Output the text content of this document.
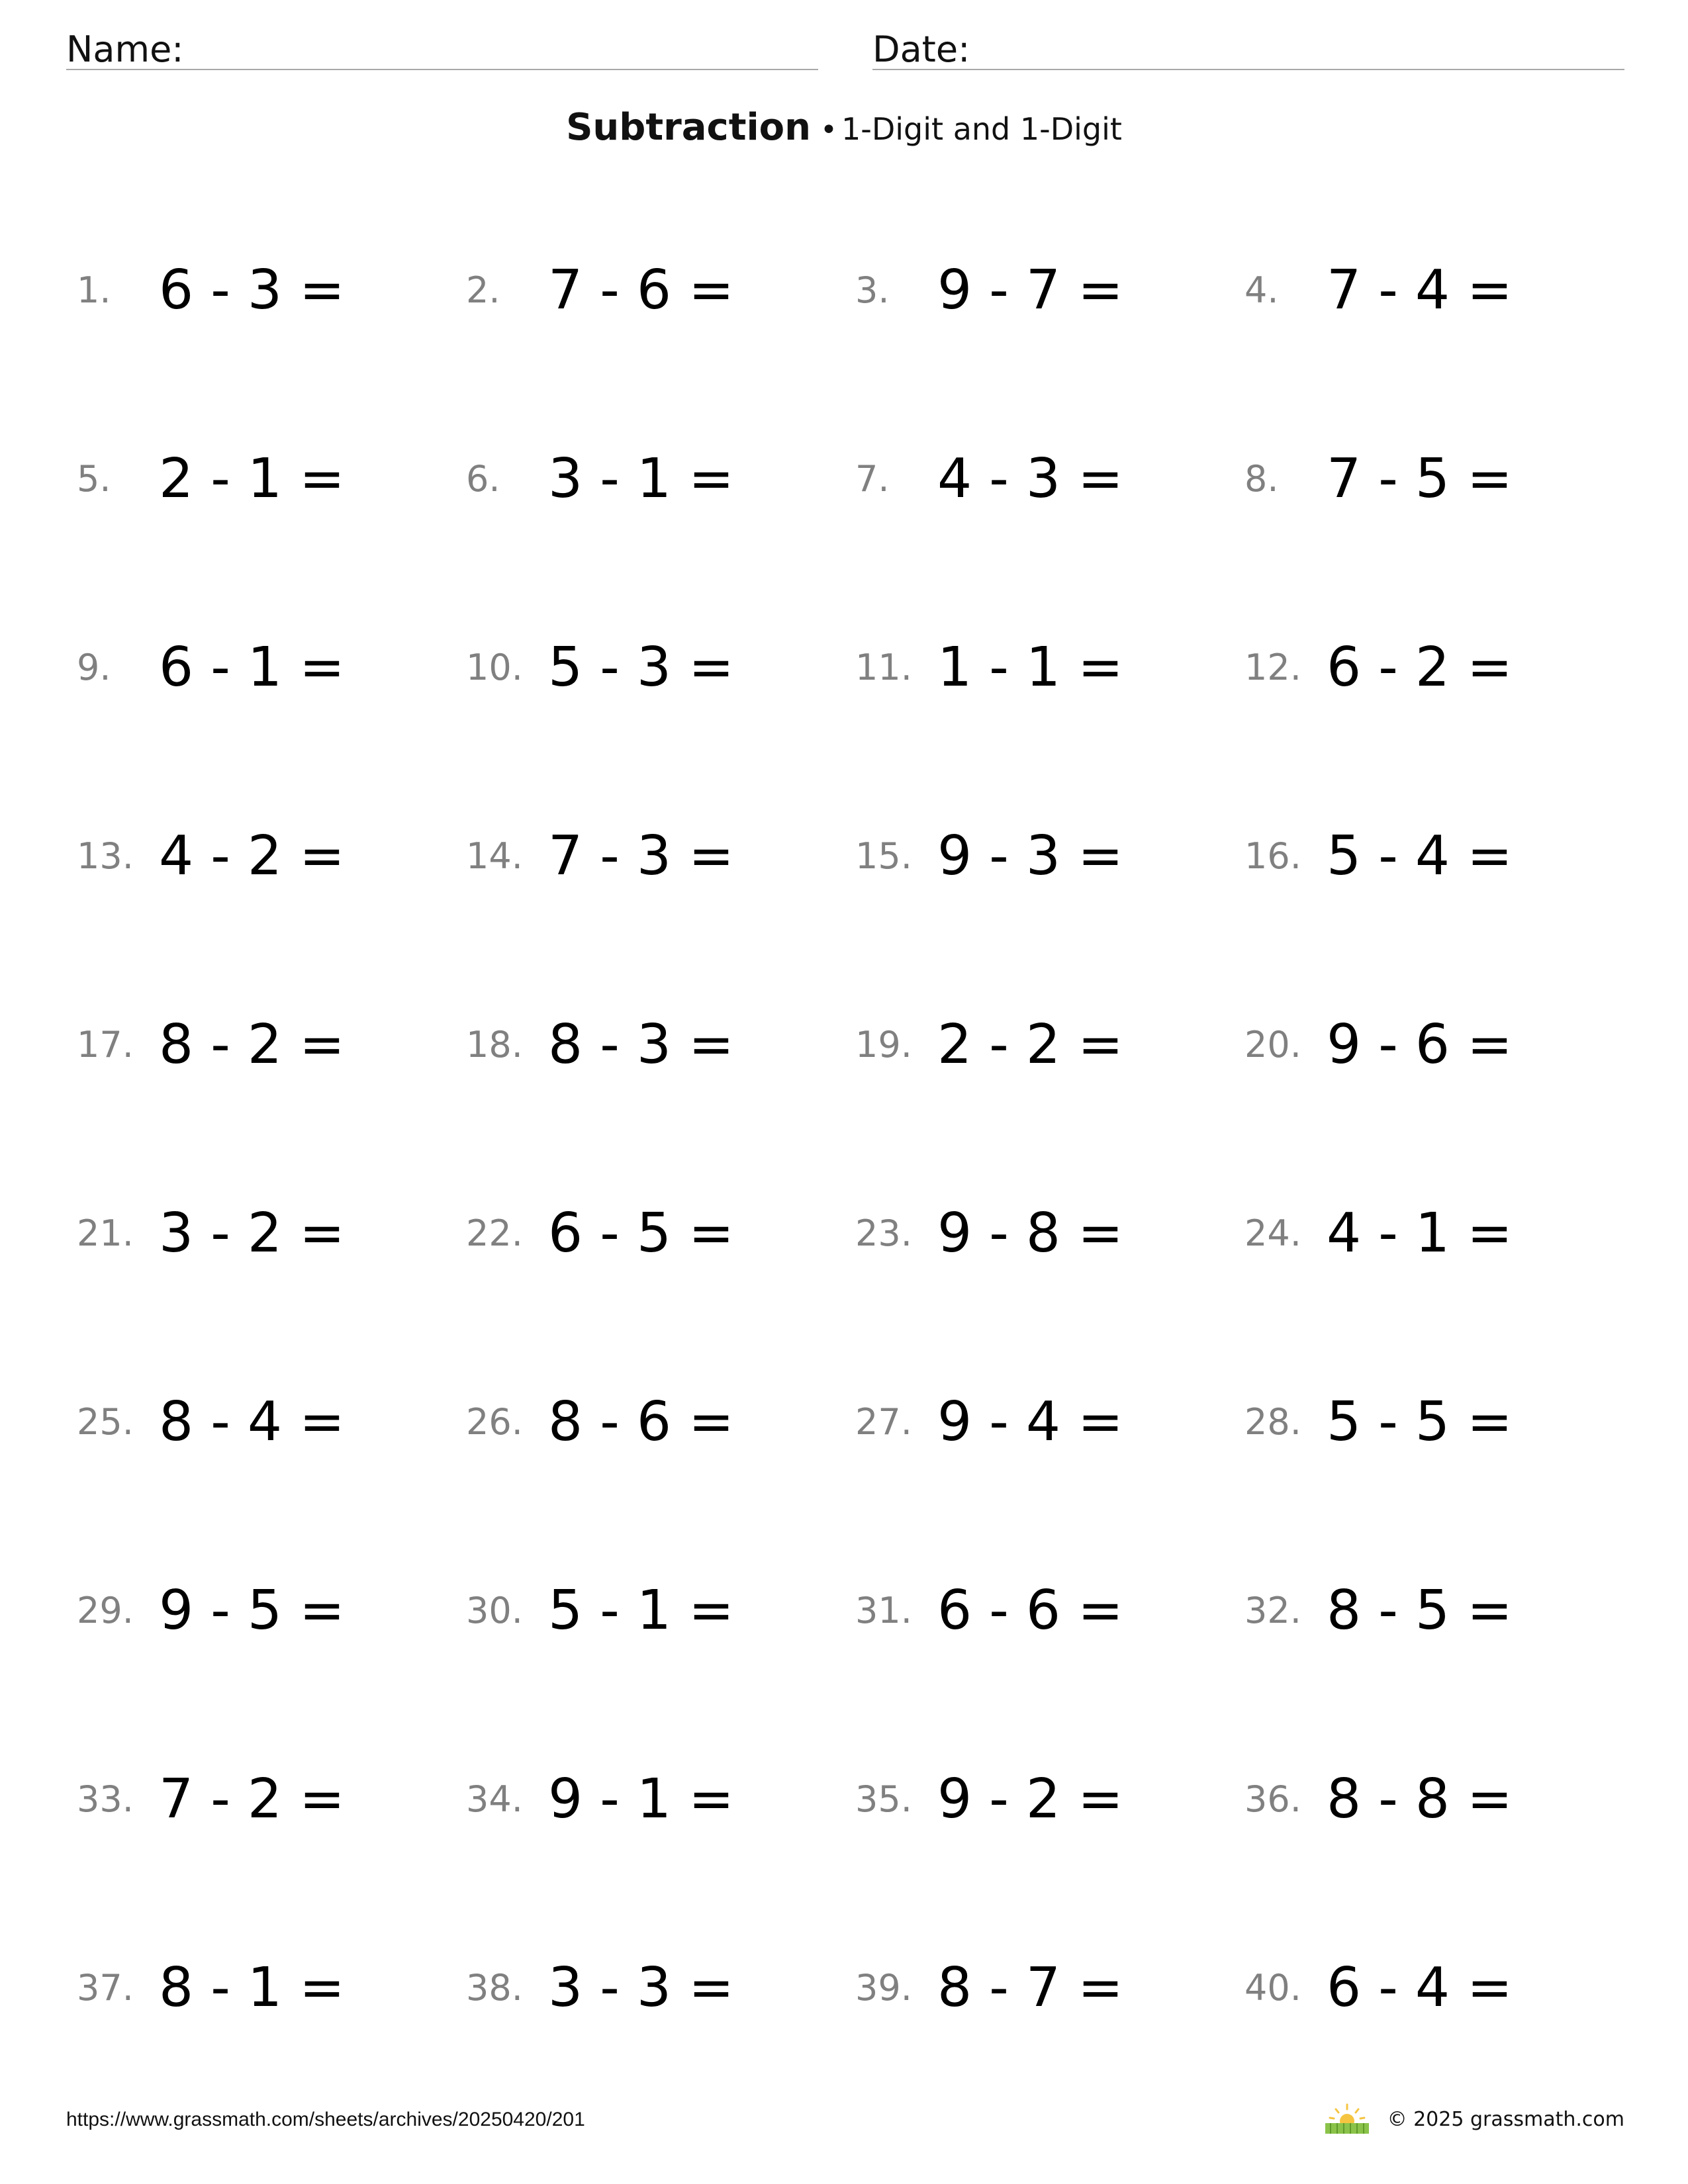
Name:	Date:
Subtraction • 1-Digit and 1-Digit
1. 6 - 3 =	2. 7 - 6 =	3. 9 - 7 =	4. 7 - 4 =
5. 2 - 1 =	6. 3 - 1 =	7. 4 - 3 =	8. 7 - 5 =
9. 6 - 1 =	10. 5 - 3 =	11. 1 - 1 =	12. 6 - 2 =
13. 4 - 2 =	14. 7 - 3 =	15. 9 - 3 =	16. 5 - 4 =
17. 8 - 2 =	18. 8 - 3 =	19. 2 - 2 =	20. 9 - 6 =
21. 3 - 2 =	22. 6 - 5 =	23. 9 - 8 =	24. 4 - 1 =
25. 8 - 4 =	26. 8 - 6 =	27. 9 - 4 =	28. 5 - 5 =
29. 9 - 5 =	30. 5 - 1 =	31. 6 - 6 =	32. 8 - 5 =
33. 7 - 2 =	34. 9 - 1 =	35. 9 - 2 =	36. 8 - 8 =
37. 8 - 1 =	38. 3 - 3 =	39. 8 - 7 =	40. 6 - 4 =
https://www.grassmath.com/sheets/archives/20250420/201	© 2025 grassmath.com
